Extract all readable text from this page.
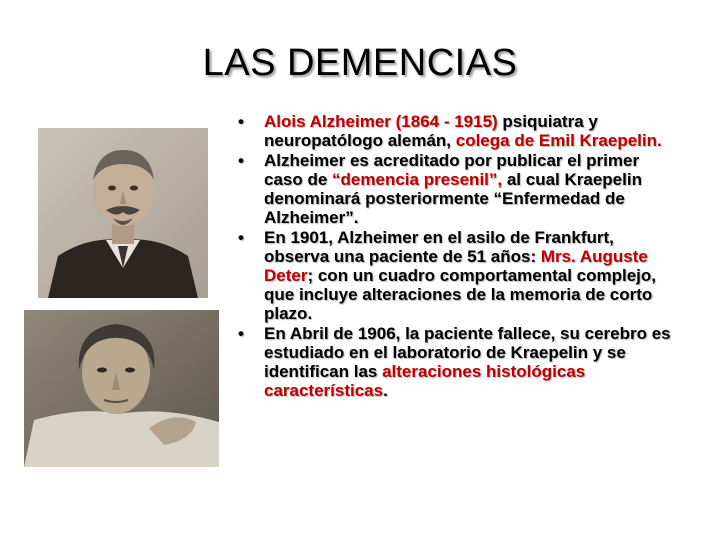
LAS DEMENCIAS
• Alois Alzheimer (1864 - 1915) psiquiatra y neuropatólogo alemán, colega de Emil Kraepelin.
• Alzheimer es acreditado por publicar el primer caso de “demencia presenil”, al cual Kraepelin denominará posteriormente “Enfermedad de Alzheimer”.
• En 1901, Alzheimer en el asilo de Frankfurt, observa una paciente de 51 años: Mrs. Auguste Deter; con un cuadro comportamental complejo, que incluye alteraciones de la memoria de corto plazo.
• En Abril de 1906, la paciente fallece, su cerebro es estudiado en el laboratorio de Kraepelin y se identifican las alteraciones histológicas características.
